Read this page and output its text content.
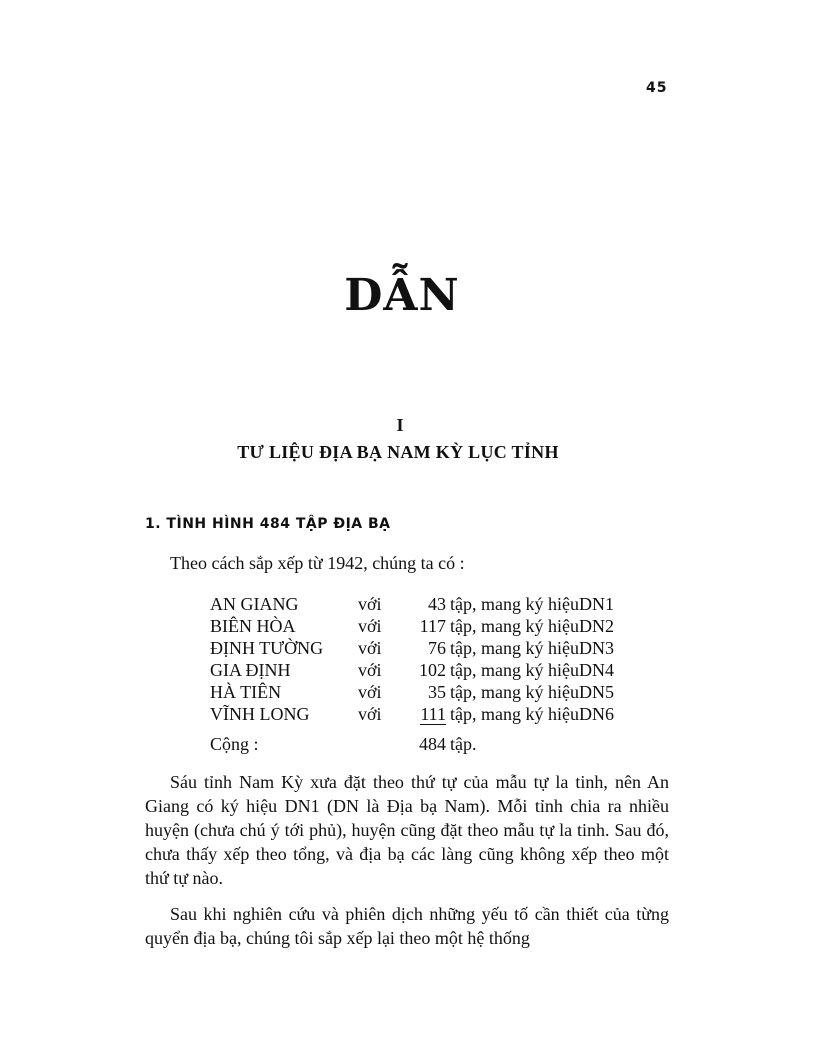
45
DẪN
I
TƯ LIỆU ĐỊA BẠ NAM KỲ LỤC TỈNH
1. TÌNH HÌNH 484 TẬP ĐỊA BẠ
Theo cách sắp xếp từ 1942, chúng ta có :
AN GIANG	với	43	tập, mang ký hiệuDN1
BIÊN HÒA	với	117	tập, mang ký hiệuDN2
ĐỊNH TƯỜNG	với	76	tập, mang ký hiệuDN3
GIA ĐỊNH	với	102	tập, mang ký hiệuDN4
HÀ TIÊN	với	35	tập, mang ký hiệuDN5
VĨNH LONG	với	111	tập, mang ký hiệuDN6
Cộng :		484	tập.

Sáu tỉnh Nam Kỳ xưa đặt theo thứ tự của mẫu tự la tinh, nên An Giang có ký hiệu DN1 (DN là Địa bạ Nam). Mỗi tỉnh chia ra nhiều huyện (chưa chú ý tới phủ), huyện cũng đặt theo mẫu tự la tinh. Sau đó, chưa thấy xếp theo tổng, và địa bạ các làng cũng không xếp theo một thứ tự nào.

Sau khi nghiên cứu và phiên dịch những yếu tố cần thiết của từng quyển địa bạ, chúng tôi sắp xếp lại theo một hệ thống
